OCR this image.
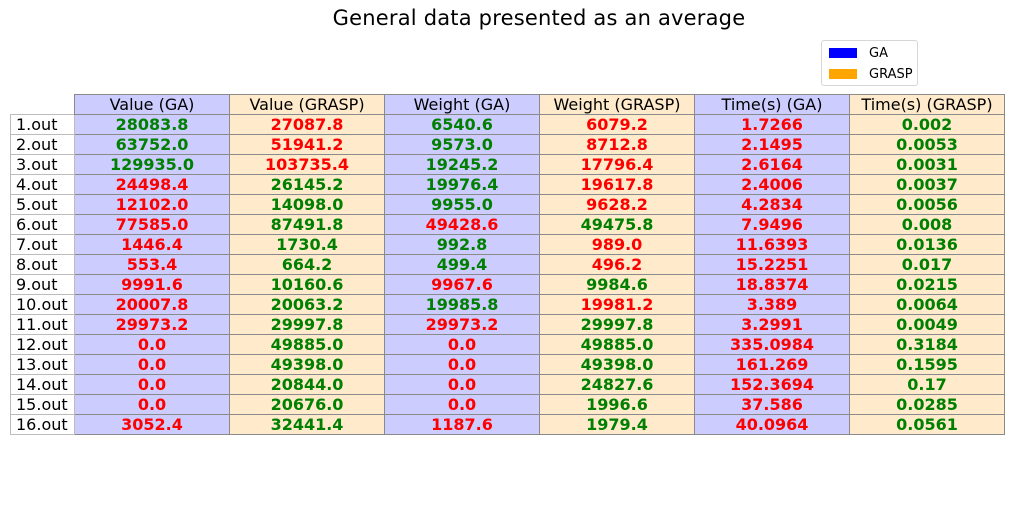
General data presented as an average
GA
GRASP
	Value (GA)	Value (GRASP)	Weight (GA)	Weight (GRASP)	Time(s) (GA)	Time(s) (GRASP)
1.out	28083.8	27087.8	6540.6	6079.2	1.7266	0.002
2.out	63752.0	51941.2	9573.0	8712.8	2.1495	0.0053
3.out	129935.0	103735.4	19245.2	17796.4	2.6164	0.0031
4.out	24498.4	26145.2	19976.4	19617.8	2.4006	0.0037
5.out	12102.0	14098.0	9955.0	9628.2	4.2834	0.0056
6.out	77585.0	87491.8	49428.6	49475.8	7.9496	0.008
7.out	1446.4	1730.4	992.8	989.0	11.6393	0.0136
8.out	553.4	664.2	499.4	496.2	15.2251	0.017
9.out	9991.6	10160.6	9967.6	9984.6	18.8374	0.0215
10.out	20007.8	20063.2	19985.8	19981.2	3.389	0.0064
11.out	29973.2	29997.8	29973.2	29997.8	3.2991	0.0049
12.out	0.0	49885.0	0.0	49885.0	335.0984	0.3184
13.out	0.0	49398.0	0.0	49398.0	161.269	0.1595
14.out	0.0	20844.0	0.0	24827.6	152.3694	0.17
15.out	0.0	20676.0	0.0	1996.6	37.586	0.0285
16.out	3052.4	32441.4	1187.6	1979.4	40.0964	0.0561
